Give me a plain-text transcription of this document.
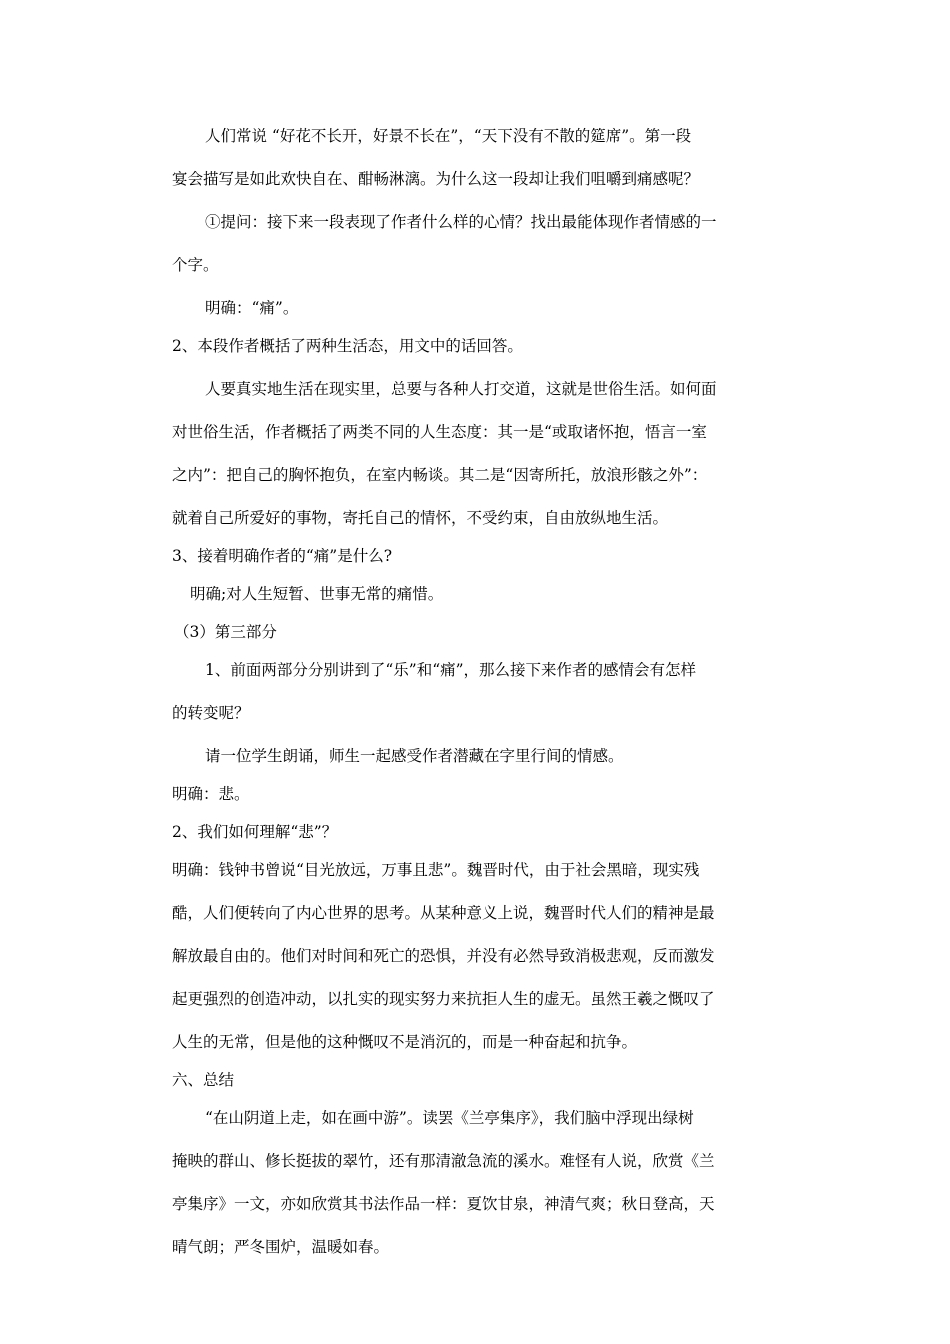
人们常说 “好花不长开，好景不长在”，“天下没有不散的筵席”。第一段
宴会描写是如此欢快自在、酣畅淋漓。为什么这一段却让我们咀嚼到痛感呢？
①提问：接下来一段表现了作者什么样的心情？找出最能体现作者情感的一
个字。
明确：“痛”。
2、本段作者概括了两种生活态，用文中的话回答。
人要真实地生活在现实里，总要与各种人打交道，这就是世俗生活。如何面
对世俗生活，作者概括了两类不同的人生态度：其一是“或取诸怀抱，悟言一室
之内”：把自己的胸怀抱负，在室内畅谈。其二是“因寄所托，放浪形骸之外”：
就着自己所爱好的事物，寄托自己的情怀，不受约束，自由放纵地生活。
3、接着明确作者的“痛”是什么?
明确;对人生短暂、世事无常的痛惜。
（3）第三部分
1、前面两部分分别讲到了“乐”和“痛”，那么接下来作者的感情会有怎样
的转变呢？
请一位学生朗诵，师生一起感受作者潜藏在字里行间的情感。
明确：悲。
2、我们如何理解“悲”？
明确：钱钟书曾说“目光放远，万事且悲”。魏晋时代，由于社会黑暗，现实残
酷，人们便转向了内心世界的思考。从某种意义上说，魏晋时代人们的精神是最
解放最自由的。他们对时间和死亡的恐惧，并没有必然导致消极悲观，反而激发
起更强烈的创造冲动，以扎实的现实努力来抗拒人生的虚无。虽然王羲之慨叹了
人生的无常，但是他的这种慨叹不是消沉的，而是一种奋起和抗争。
六、总结
“在山阴道上走，如在画中游”。读罢《兰亭集序》，我们脑中浮现出绿树
掩映的群山、修长挺拔的翠竹，还有那清澈急流的溪水。难怪有人说，欣赏《兰
亭集序》一文，亦如欣赏其书法作品一样：夏饮甘泉，神清气爽；秋日登高，天
晴气朗；严冬围炉，温暖如春。
